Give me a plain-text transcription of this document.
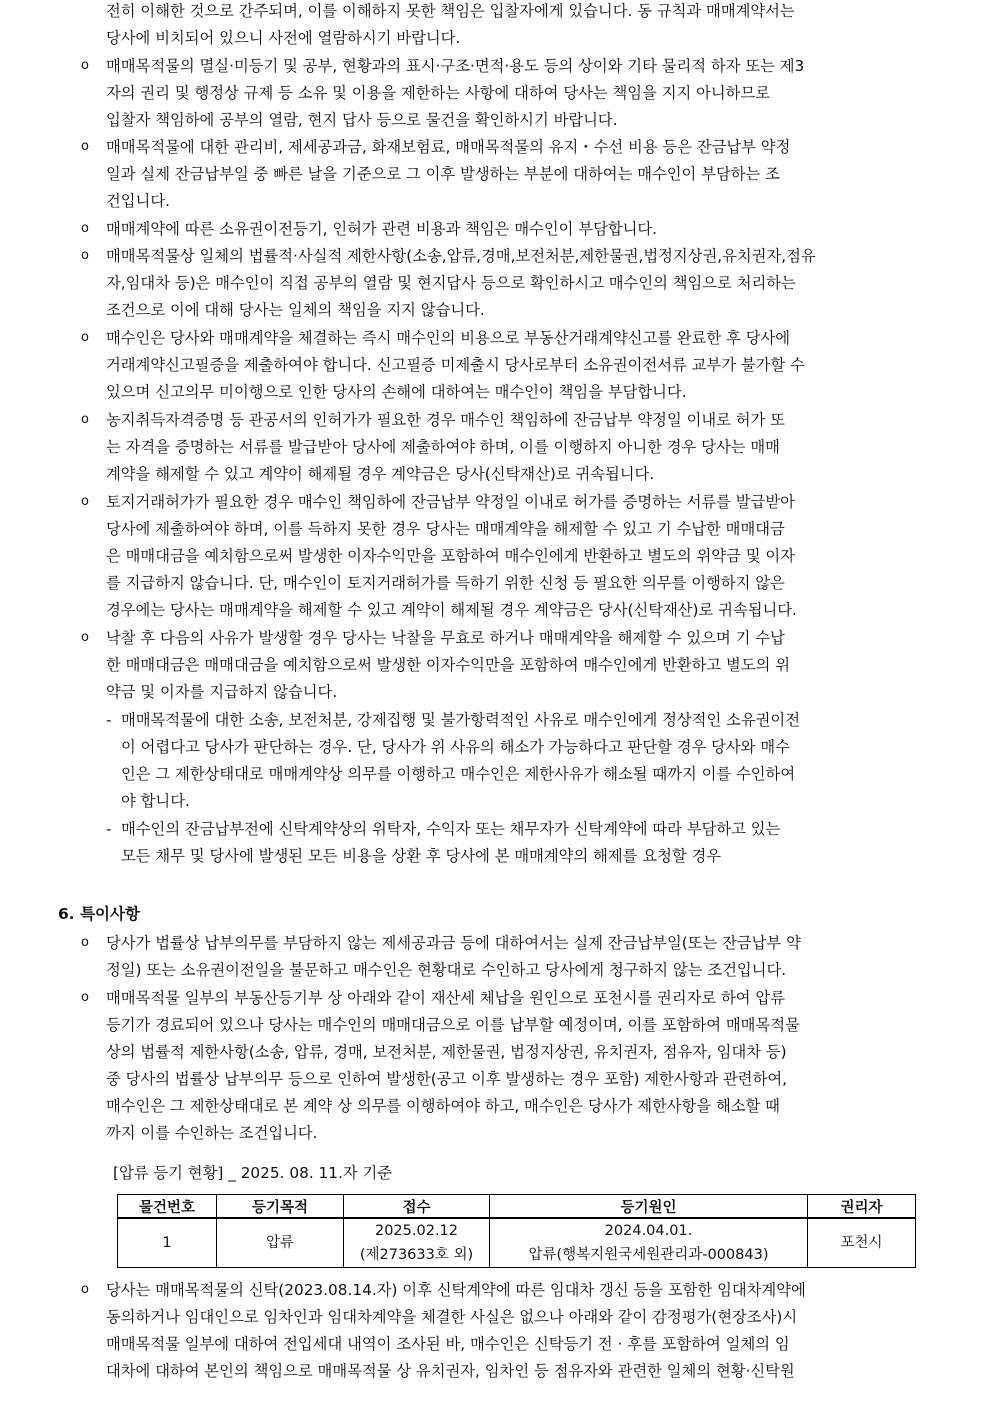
전히 이해한 것으로 간주되며, 이를 이해하지 못한 책임은 입찰자에게 있습니다. 동 규칙과 매매계약서는
당사에 비치되어 있으니 사전에 열람하시기 바랍니다.
ο 매매목적물의 멸실·미등기 및 공부, 현황과의 표시·구조·면적·용도 등의 상이와 기타 물리적 하자 또는 제3
자의 권리 및 행정상 규제 등 소유 및 이용을 제한하는 사항에 대하여 당사는 책임을 지지 아니하므로
입찰자 책임하에 공부의 열람, 현지 답사 등으로 물건을 확인하시기 바랍니다.
ο 매매목적물에 대한 관리비, 제세공과금, 화재보험료, 매매목적물의 유지・수선 비용 등은 잔금납부 약정
일과 실제 잔금납부일 중 빠른 날을 기준으로 그 이후 발생하는 부분에 대하여는 매수인이 부담하는 조
건입니다.
ο 매매계약에 따른 소유권이전등기, 인허가 관련 비용과 책임은 매수인이 부담합니다.
ο 매매목적물상 일체의 법률적·사실적 제한사항(소송,압류,경매,보전처분,제한물권,법정지상권,유치권자,점유
자,임대차 등)은 매수인이 직접 공부의 열람 및 현지답사 등으로 확인하시고 매수인의 책임으로 처리하는
조건으로 이에 대해 당사는 일체의 책임을 지지 않습니다.
ο 매수인은 당사와 매매계약을 체결하는 즉시 매수인의 비용으로 부동산거래계약신고를 완료한 후 당사에
거래계약신고필증을 제출하여야 합니다. 신고필증 미제출시 당사로부터 소유권이전서류 교부가 불가할 수
있으며 신고의무 미이행으로 인한 당사의 손해에 대하여는 매수인이 책임을 부담합니다.
ο 농지취득자격증명 등 관공서의 인허가가 필요한 경우 매수인 책임하에 잔금납부 약정일 이내로 허가 또
는 자격을 증명하는 서류를 발급받아 당사에 제출하여야 하며, 이를 이행하지 아니한 경우 당사는 매매
계약을 해제할 수 있고 계약이 해제될 경우 계약금은 당사(신탁재산)로 귀속됩니다.
ο 토지거래허가가 필요한 경우 매수인 책임하에 잔금납부 약정일 이내로 허가를 증명하는 서류를 발급받아
당사에 제출하여야 하며, 이를 득하지 못한 경우 당사는 매매계약을 해제할 수 있고 기 수납한 매매대금
은 매매대금을 예치함으로써 발생한 이자수익만을 포함하여 매수인에게 반환하고 별도의 위약금 및 이자
를 지급하지 않습니다. 단, 매수인이 토지거래허가를 득하기 위한 신청 등 필요한 의무를 이행하지 않은
경우에는 당사는 매매계약을 해제할 수 있고 계약이 해제될 경우 계약금은 당사(신탁재산)로 귀속됩니다.
ο 낙찰 후 다음의 사유가 발생할 경우 당사는 낙찰을 무효로 하거나 매매계약을 해제할 수 있으며 기 수납
한 매매대금은 매매대금을 예치함으로써 발생한 이자수익만을 포함하여 매수인에게 반환하고 별도의 위
약금 및 이자를 지급하지 않습니다.
- 매매목적물에 대한 소송, 보전처분, 강제집행 및 불가항력적인 사유로 매수인에게 정상적인 소유권이전
이 어렵다고 당사가 판단하는 경우. 단, 당사가 위 사유의 해소가 가능하다고 판단할 경우 당사와 매수
인은 그 제한상태대로 매매계약상 의무를 이행하고 매수인은 제한사유가 해소될 때까지 이를 수인하여
야 합니다.
- 매수인의 잔금납부전에 신탁계약상의 위탁자, 수익자 또는 채무자가 신탁계약에 따라 부담하고 있는
모든 채무 및 당사에 발생된 모든 비용을 상환 후 당사에 본 매매계약의 해제를 요청할 경우
6. 특이사항
ο 당사가 법률상 납부의무를 부담하지 않는 제세공과금 등에 대하여서는 실제 잔금납부일(또는 잔금납부 약
정일) 또는 소유권이전일을 불문하고 매수인은 현황대로 수인하고 당사에게 청구하지 않는 조건입니다.
ο 매매목적물 일부의 부동산등기부 상 아래와 같이 재산세 체납을 원인으로 포천시를 권리자로 하여 압류
등기가 경료되어 있으나 당사는 매수인의 매매대금으로 이를 납부할 예정이며, 이를 포함하여 매매목적물
상의 법률적 제한사항(소송, 압류, 경매, 보전처분, 제한물권, 법정지상권, 유치권자, 점유자, 임대차 등)
중 당사의 법률상 납부의무 등으로 인하여 발생한(공고 이후 발생하는 경우 포함) 제한사항과 관련하여,
매수인은 그 제한상태대로 본 계약 상 의무를 이행하여야 하고, 매수인은 당사가 제한사항을 해소할 때
까지 이를 수인하는 조건입니다.
[압류 등기 현황] _ 2025. 08. 11.자 기준
물건번호	등기목적	접수	등기원인	권리자
1	압류	2025.02.12	2024.04.01.	포천시
		(제273633호 외)	압류(행복지원국세원관리과-000843)	
ο 당사는 매매목적물의 신탁(2023.08.14.자) 이후 신탁계약에 따른 임대차 갱신 등을 포함한 임대차계약에
동의하거나 임대인으로 임차인과 임대차계약을 체결한 사실은 없으나 아래와 같이 감정평가(현장조사)시
매매목적물 일부에 대하여 전입세대 내역이 조사된 바, 매수인은 신탁등기 전 · 후를 포함하여 일체의 임
대차에 대하여 본인의 책임으로 매매목적물 상 유치권자, 임차인 등 점유자와 관련한 일체의 현황·신탁원
